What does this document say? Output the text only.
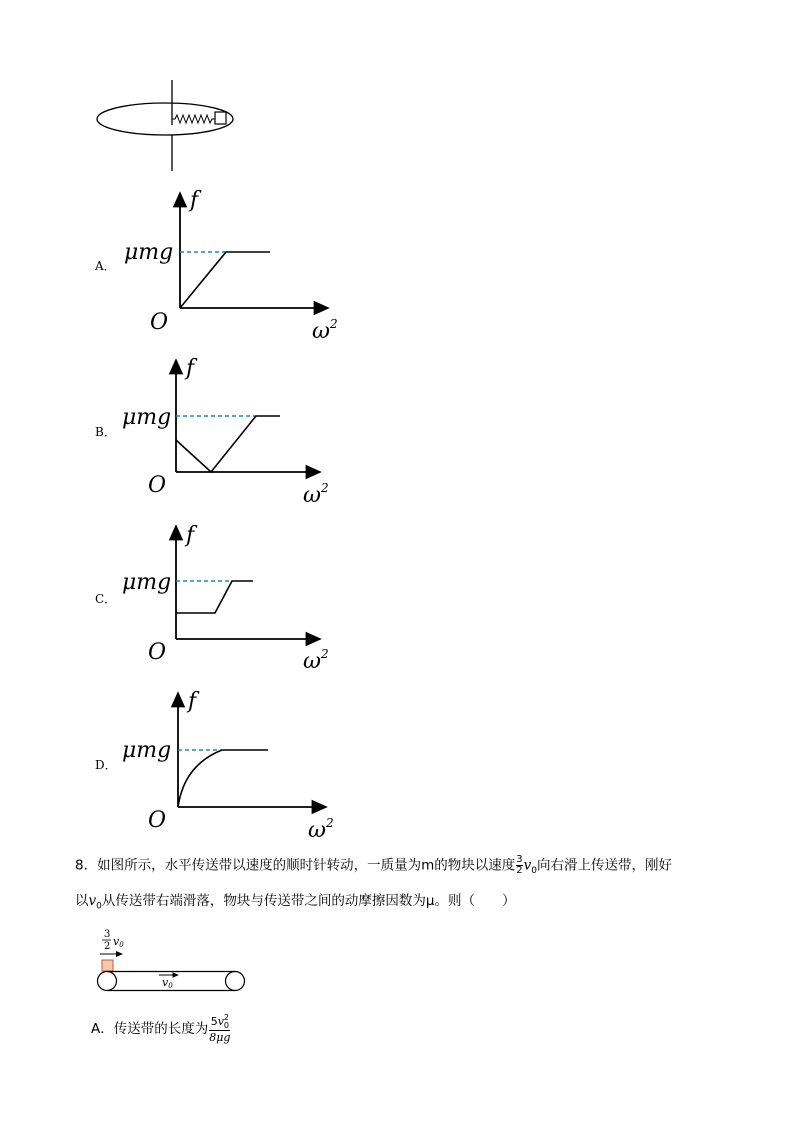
A．
f
μmg
O	$\omega^2$
B．
f
μmg
O	$\omega^2$
C．
f
μmg
O	$\omega^2$
D．
f
μmg
O	$\omega^2$
8．如图所示，水平传送带以速度的顺时针转动，一质量为m的物块以速度 $\frac{3}{2} v_0$向右滑上传送带，刚好
以$v_0$从传送带右端滑落，物块与传送带之间的动摩擦因数为μ。则（　　）
3
2 v0
v0
A．传送带的长度为 5v 2
0
8μg
